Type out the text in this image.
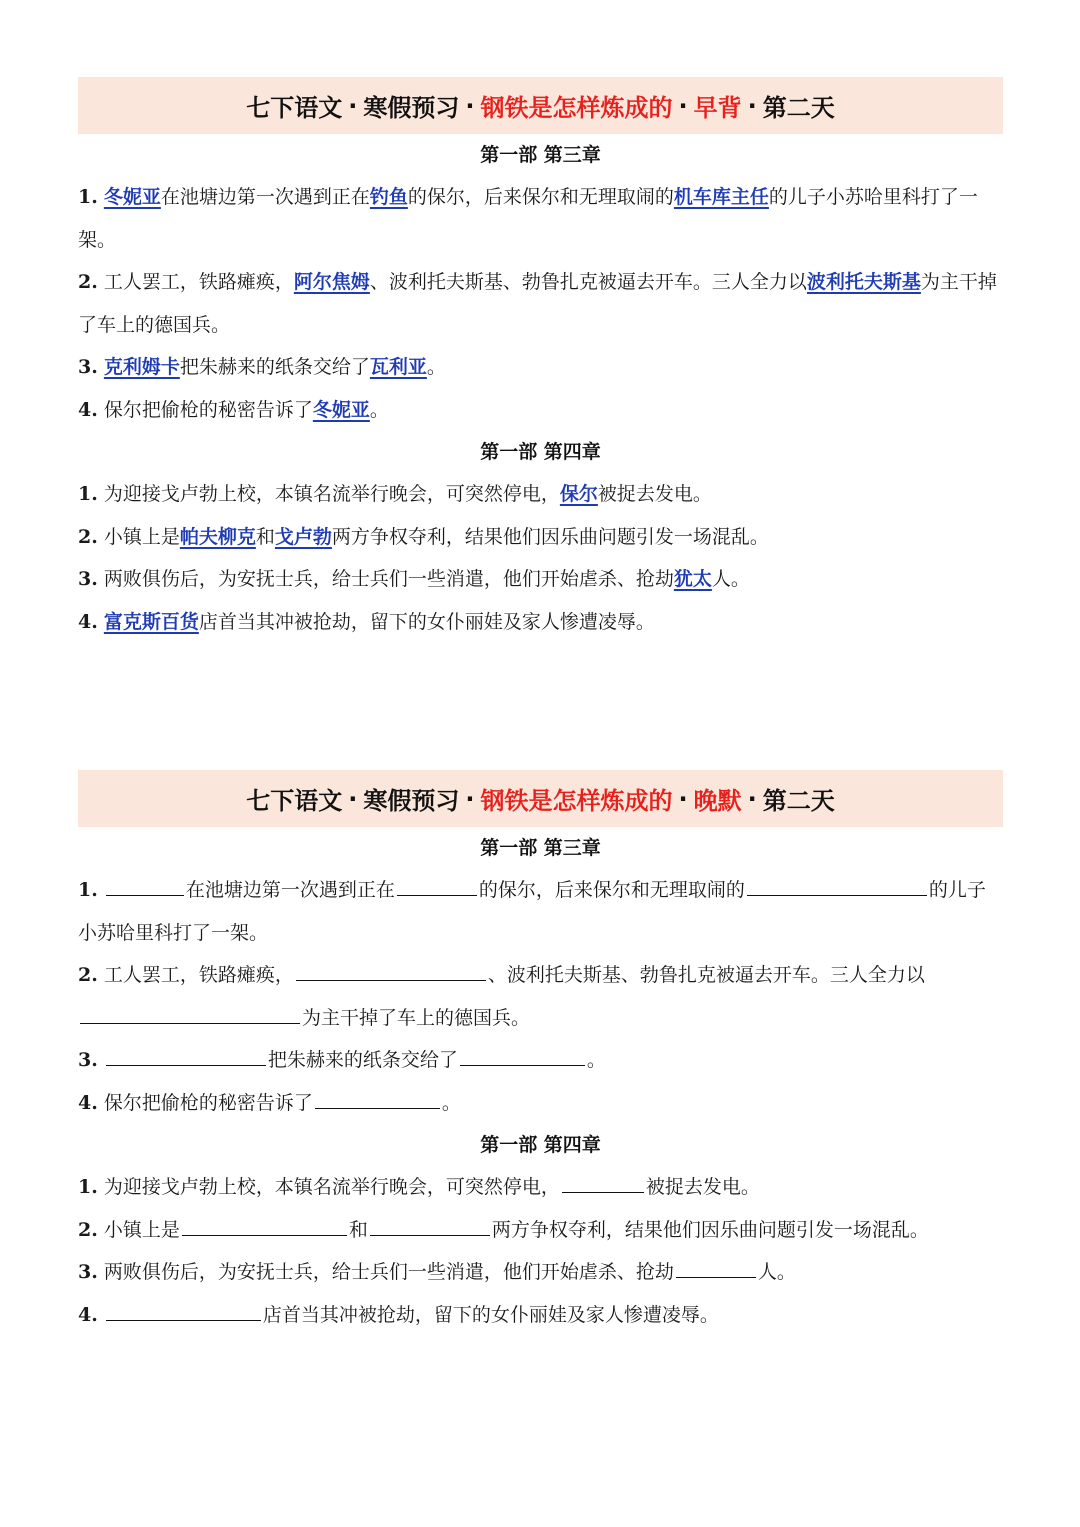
七下语文 · 寒假预习 · 钢铁是怎样炼成的 · 早背 · 第二天
第一部 第三章

1. 冬妮亚在池塘边第一次遇到正在钓鱼的保尔，后来保尔和无理取闹的机车库主任的儿子小苏哈里科打了一架。

2. 工人罢工，铁路瘫痪，阿尔焦姆、波利托夫斯基、勃鲁扎克被逼去开车。三人全力以波利托夫斯基为主干掉了车上的德国兵。

3. 克利姆卡把朱赫来的纸条交给了瓦利亚。

4. 保尔把偷枪的秘密告诉了冬妮亚。

第一部 第四章

1. 为迎接戈卢勃上校，本镇名流举行晚会，可突然停电，保尔被捉去发电。

2. 小镇上是帕夫柳克和戈卢勃两方争权夺利，结果他们因乐曲问题引发一场混乱。

3. 两败俱伤后，为安抚士兵，给士兵们一些消遣，他们开始虐杀、抢劫犹太人。

4. 富克斯百货店首当其冲被抢劫，留下的女仆丽娃及家人惨遭凌辱。

七下语文 · 寒假预习 · 钢铁是怎样炼成的 · 晚默 · 第二天
第一部 第三章

1.	在池塘边第一次遇到正在	的保尔，后来保尔和无理取闹的	的儿子小苏哈里科打了一架。

2. 工人罢工，铁路瘫痪，	、波利托夫斯基、勃鲁扎克被逼去开车。三人全力以为主干掉了车上的德国兵。

3.	把朱赫来的纸条交给了	。

4. 保尔把偷枪的秘密告诉了	。

第一部 第四章

1. 为迎接戈卢勃上校，本镇名流举行晚会，可突然停电，	被捉去发电。

2. 小镇上是	和	两方争权夺利，结果他们因乐曲问题引发一场混乱。

3. 两败俱伤后，为安抚士兵，给士兵们一些消遣，他们开始虐杀、抢劫	人。

4.	店首当其冲被抢劫，留下的女仆丽娃及家人惨遭凌辱。
